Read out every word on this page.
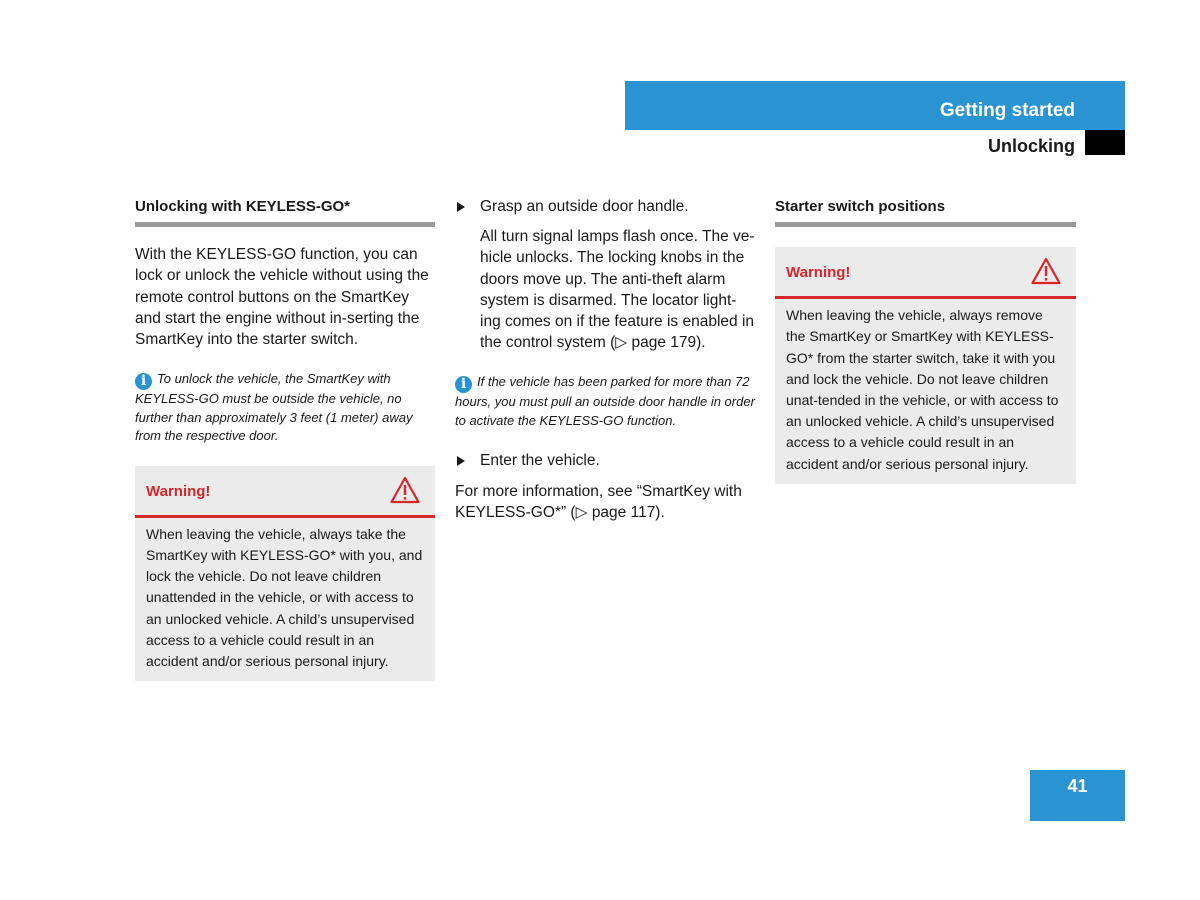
Getting started
Unlocking
Unlocking with KEYLESS-GO*

With the KEYLESS-GO function, you can lock or unlock the vehicle without using the remote control buttons on the SmartKey and start the engine without in-serting the SmartKey into the starter switch.

i To unlock the vehicle, the SmartKey with KEYLESS-GO must be outside the vehicle, no further than approximately 3 feet (1 meter) away from the respective door.
Warning!
When leaving the vehicle, always take the SmartKey with KEYLESS-GO* with you, and lock the vehicle. Do not leave children unattended in the vehicle, or with access to an unlocked vehicle. A child’s unsupervised access to a vehicle could result in an accident and/or serious personal injury.
Grasp an outside door handle.

All turn signal lamps flash once. The ve-hicle unlocks. The locking knobs in the doors move up. The anti-theft alarm system is disarmed. The locator light-ing comes on if the feature is enabled in the control system (▷ page 179).

i If the vehicle has been parked for more than 72 hours, you must pull an outside door handle in order to activate the KEYLESS-GO function.
Enter the vehicle.

For more information, see “SmartKey with KEYLESS-GO*” (▷ page 117).

Starter switch positions
Warning!
When leaving the vehicle, always remove the SmartKey or SmartKey with KEYLESS-GO* from the starter switch, take it with you and lock the vehicle. Do not leave children unat-tended in the vehicle, or with access to an unlocked vehicle. A child’s unsupervised access to a vehicle could result in an accident and/or serious personal injury.
41
